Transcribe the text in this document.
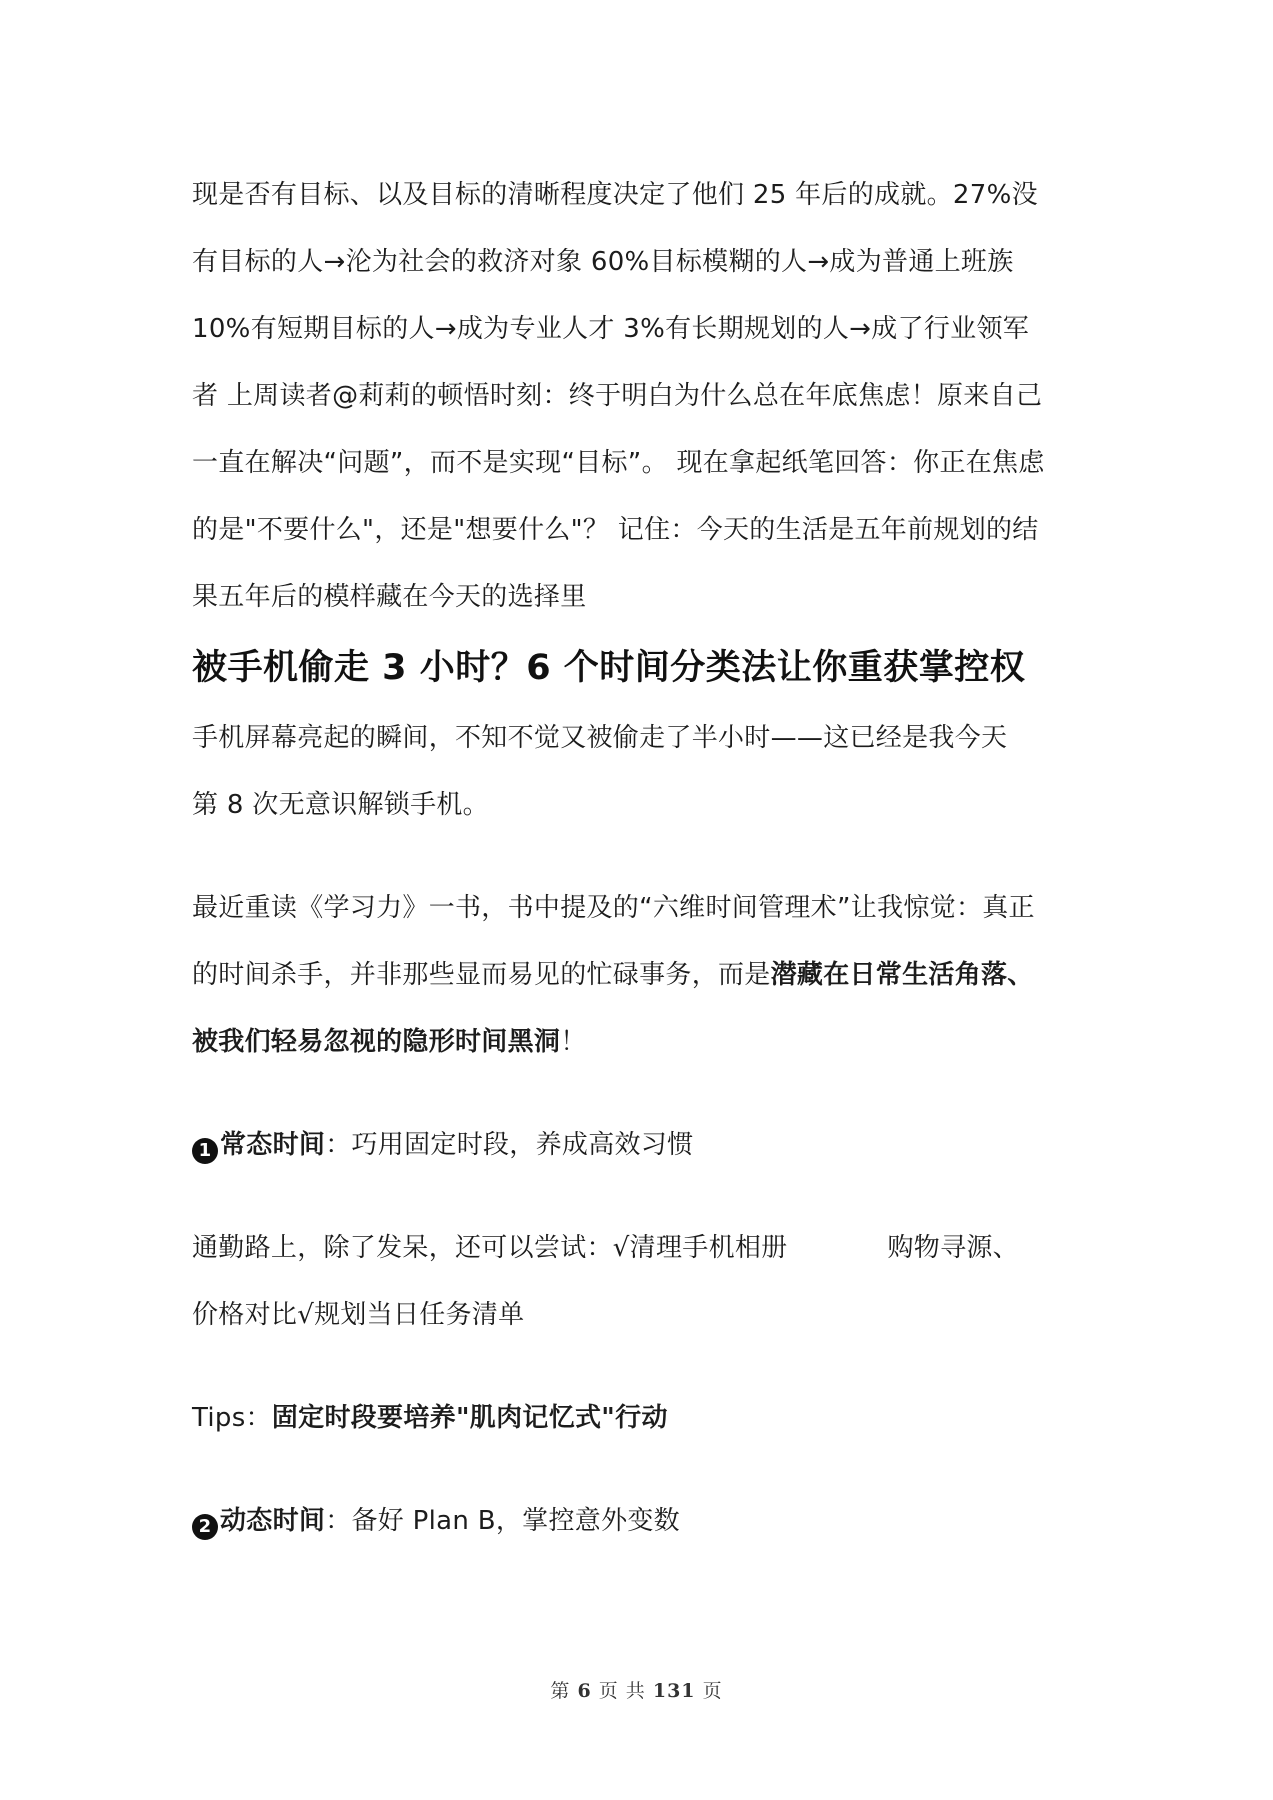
现是否有目标、以及目标的清晰程度决定了他们 25 年后的成就。27%没
有目标的人→沦为社会的救济对象 60%目标模糊的人→成为普通上班族
10%有短期目标的人→成为专业人才 3%有长期规划的人→成了行业领军
者 上周读者@莉莉的顿悟时刻：终于明白为什么总在年底焦虑！原来自己
一直在解决“问题”，而不是实现“目标”。 现在拿起纸笔回答：你正在焦虑
的是"不要什么"，还是"想要什么"？ 记住：今天的生活是五年前规划的结
果五年后的模样藏在今天的选择里

被手机偷走 3 小时？6 个时间分类法让你重获掌控权

手机屏幕亮起的瞬间，不知不觉又被偷走了半小时——这已经是我今天
第 8 次无意识解锁手机。

最近重读《学习力》一书，书中提及的“六维时间管理术”让我惊觉：真正
的时间杀手，并非那些显而易见的忙碌事务，而是潜藏在日常生活角落、
被我们轻易忽视的隐形时间黑洞！

1 常态时间：巧用固定时段，养成高效习惯

通勤路上，除了发呆，还可以尝试：√清理手机相册	购物寻源、
价格对比√规划当日任务清单

Tips：固定时段要培养"肌肉记忆式"行动

2 动态时间：备好 Plan B，掌控意外变数

第 6 页 共 131 页
